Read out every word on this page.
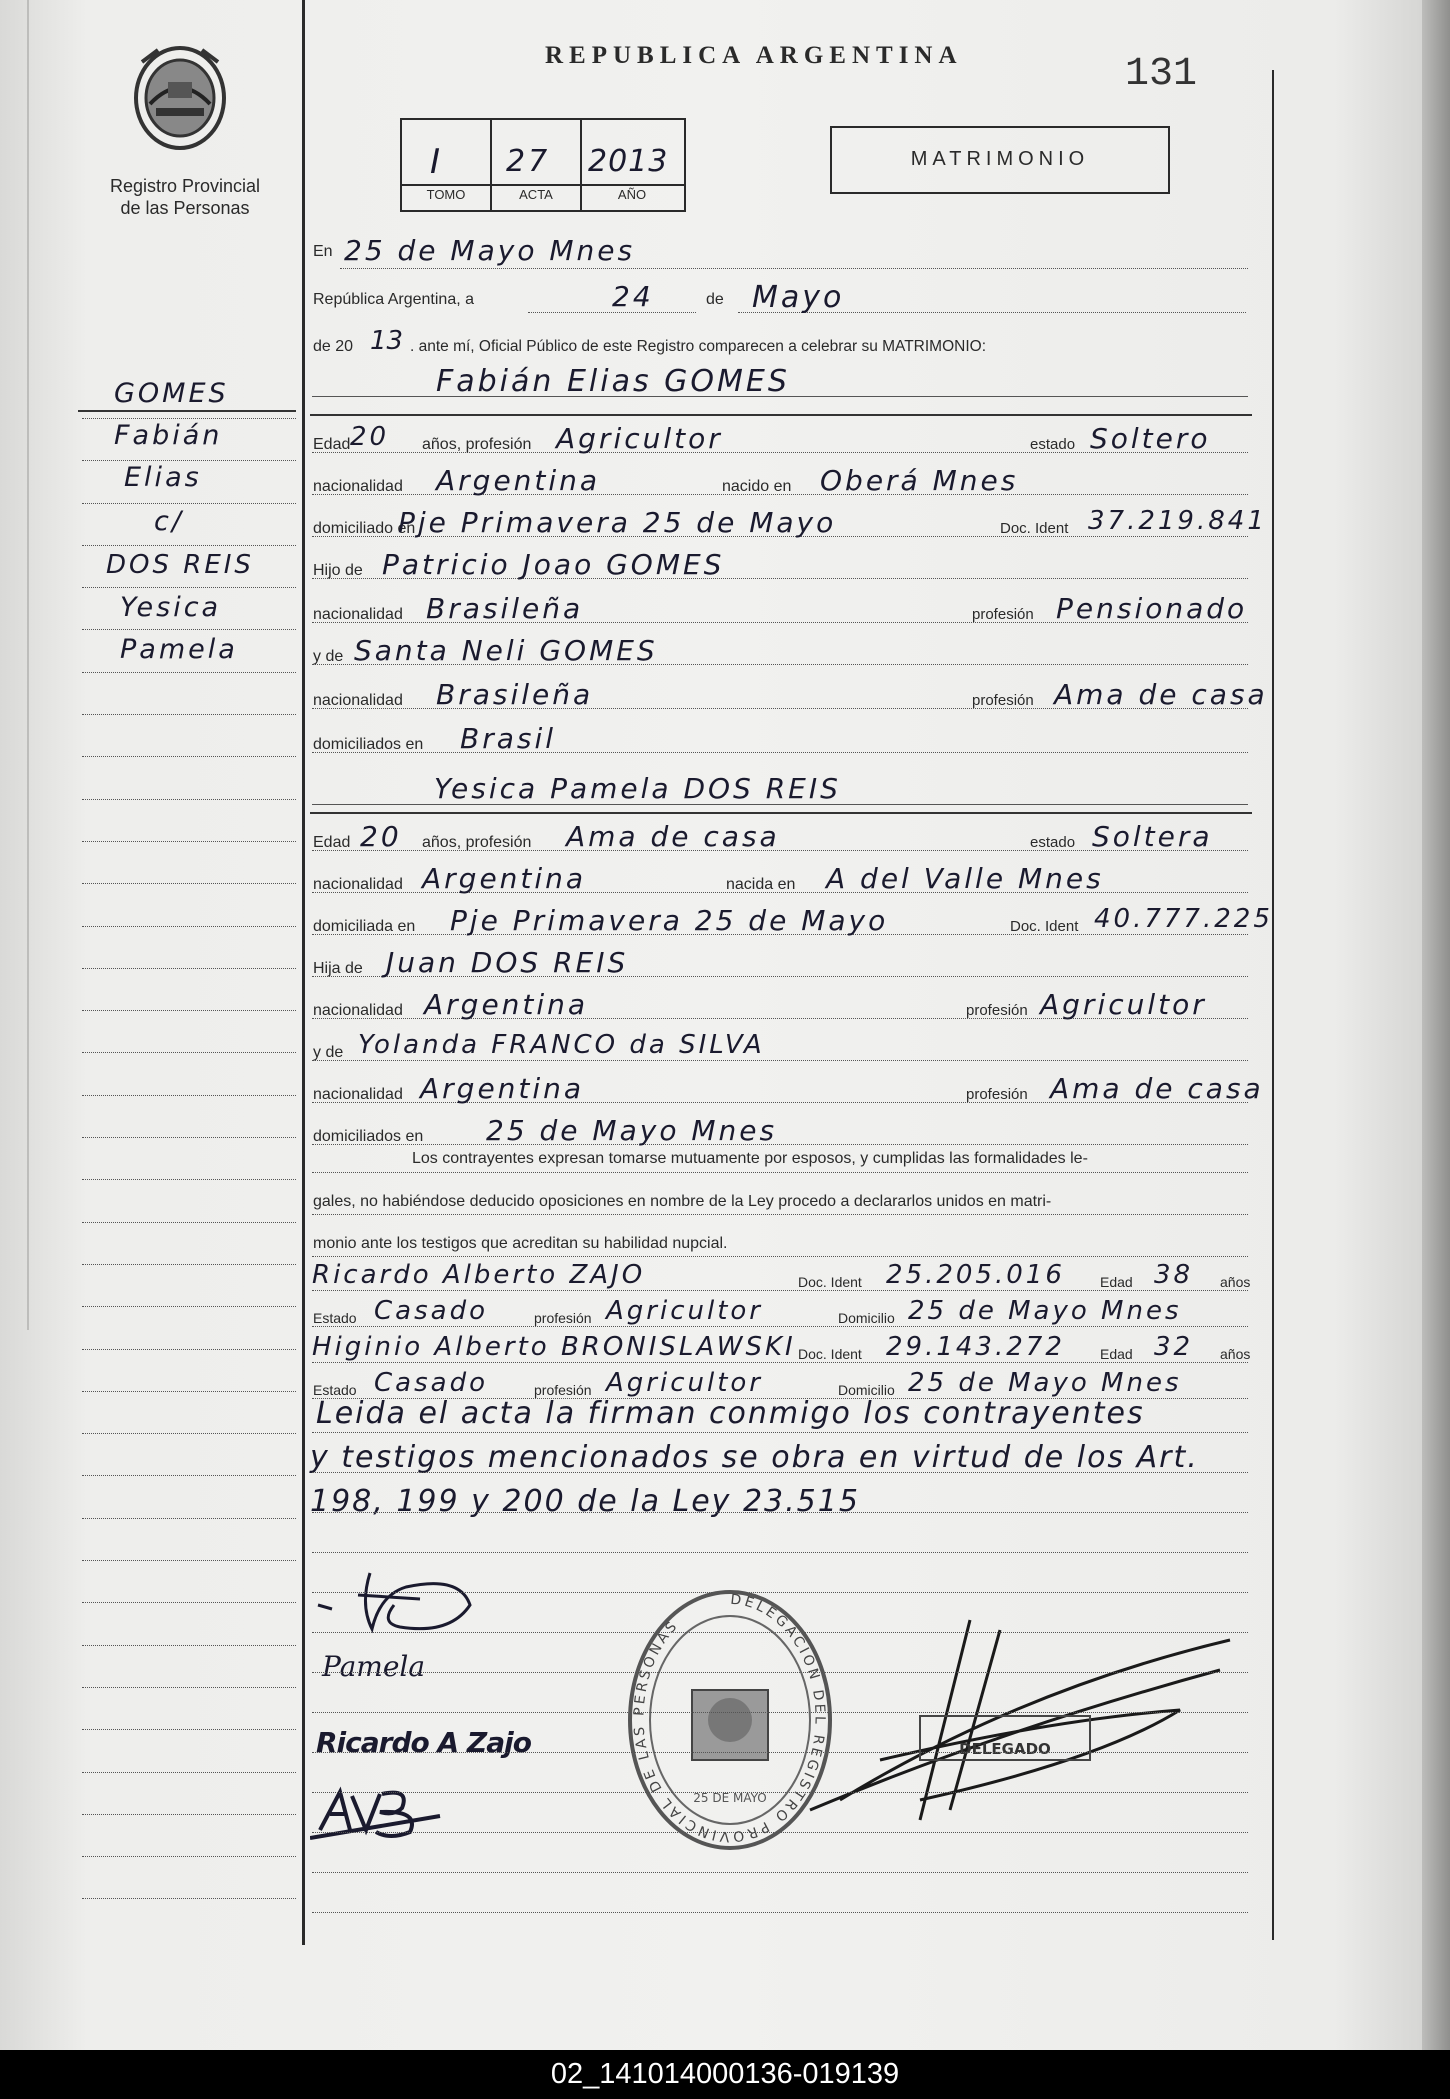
Registro Provincial
de las Personas
REPUBLICA ARGENTINA	131
I 27 2013
TOMO	ACTA	AÑO
MATRIMONIO
GOMES
Fabián
Elias
c/
DOS REIS
Yesica
Pamela
En 25 de Mayo Mnes
República Argentina, a	24	de Mayo
de 20 13 . ante mí, Oficial Público de este Registro comparecen a celebrar su MATRIMONIO:
Fabián Elias GOMES
Yesica Pamela DOS REIS
Los contrayentes expresan tomarse mutuamente por esposos, y cumplidas las formalidades le-
gales, no habiéndose deducido oposiciones en nombre de la Ley procedo a declararlos unidos en matri-
monio ante los testigos que acreditan su habilidad nupcial.
Leida el acta la firman conmigo los contrayentes
y testigos mencionados se obra en virtud de los Art.
198, 199 y 200 de la Ley 23.515
Pamela
Ricardo A Zajo
DELEGACION DEL REGISTRO PROVINCIAL DE LAS PERSONAS
25 DE MAYO
DELEGADO
Edad 20 años, profesión Agricultor	estado Soltero
nacionalidad Argentina	nacido en Oberá Mnes
domiciliado en
Pje Primavera 25 de Mayo	Doc. Ident 37.219.841
Hijo de Patricio Joao GOMES
nacionalidad Brasileña	profesión Pensionado
y de Santa Neli GOMES
nacionalidad Brasileña	profesión Ama de casa
domiciliados en Brasil
Edad 20 años, profesión Ama de casa	estado Soltera
nacionalidad Argentina	nacida en A del Valle Mnes
domiciliada en Pje Primavera 25 de Mayo	Doc. Ident 40.777.225
Hija de Juan DOS REIS
nacionalidad Argentina	profesión Agricultor
y de Yolanda FRANCO da SILVA
nacionalidad Argentina	profesión Ama de casa
domiciliados en 25 de Mayo Mnes
Ricardo Alberto ZAJO	Doc. Ident 25.205.016	Edad 38 años
Estado Casado	profesión Agricultor	Domicilio 25 de Mayo Mnes
Higinio Alberto BRONISLAWSKI Doc. Ident 29.143.272	Edad 32 años
Estado Casado	profesión Agricultor	Domicilio 25 de Mayo Mnes
02_141014000136-019139
